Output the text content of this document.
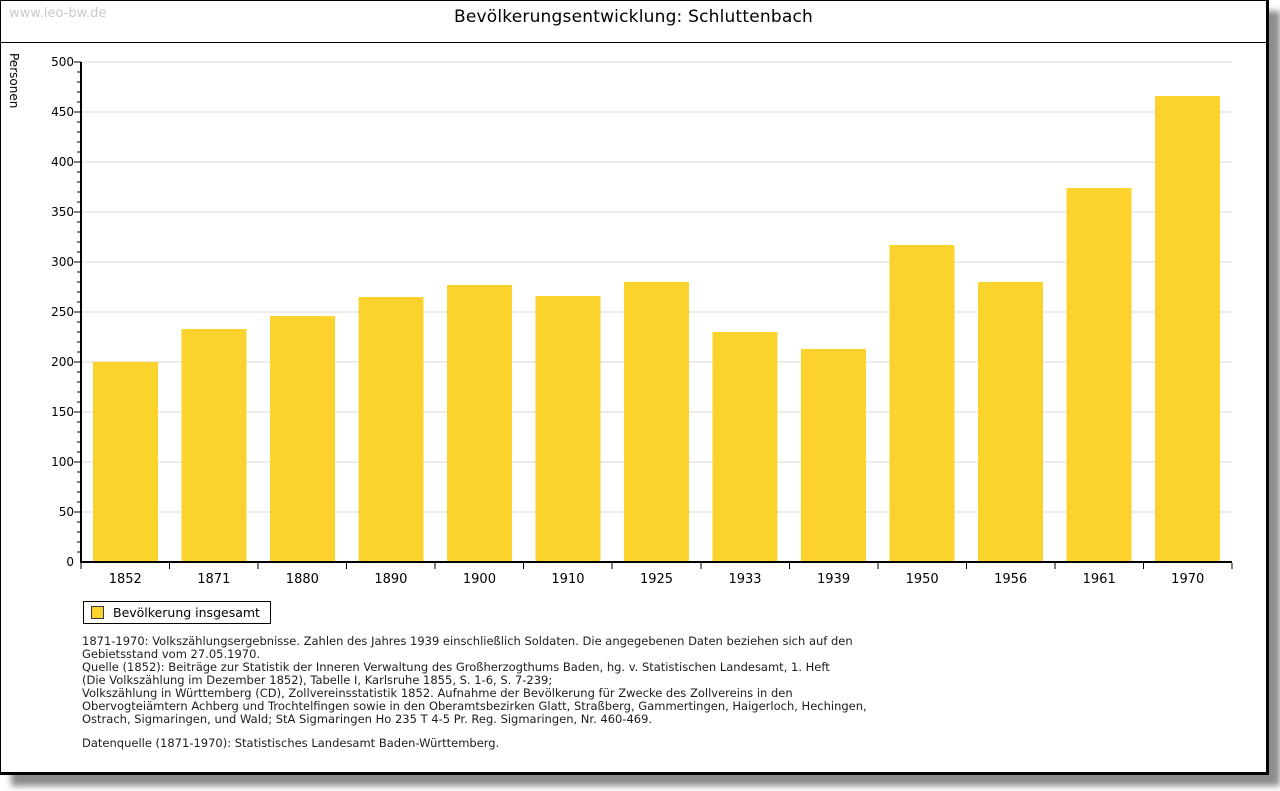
www.leo-bw.de	Bevölkerungsentwicklung: Schluttenbach
0
50
100
150
200
250
300
350
400
450
500
1852	1871	1880	1890	1900	1910	1925	1933	1939	1950	1956	1961	1970
Personen
Bevölkerung insgesamt
1871-1970: Volkszählungsergebnisse. Zahlen des Jahres 1939 einschließlich Soldaten. Die angegebenen Daten beziehen sich auf den
Gebietsstand vom 27.05.1970.
Quelle (1852): Beiträge zur Statistik der Inneren Verwaltung des Großherzogthums Baden, hg. v. Statistischen Landesamt, 1. Heft
(Die Volkszählung im Dezember 1852), Tabelle I, Karlsruhe 1855, S. 1-6, S. 7-239;
Volkszählung in Württemberg (CD), Zollvereinsstatistik 1852. Aufnahme der Bevölkerung für Zwecke des Zollvereins in den
Obervogteiämtern Achberg und Trochtelfingen sowie in den Oberamtsbezirken Glatt, Straßberg, Gammertingen, Haigerloch, Hechingen,
Ostrach, Sigmaringen, und Wald; StA Sigmaringen Ho 235 T 4-5 Pr. Reg. Sigmaringen, Nr. 460-469.
Datenquelle (1871-1970): Statistisches Landesamt Baden-Württemberg.
